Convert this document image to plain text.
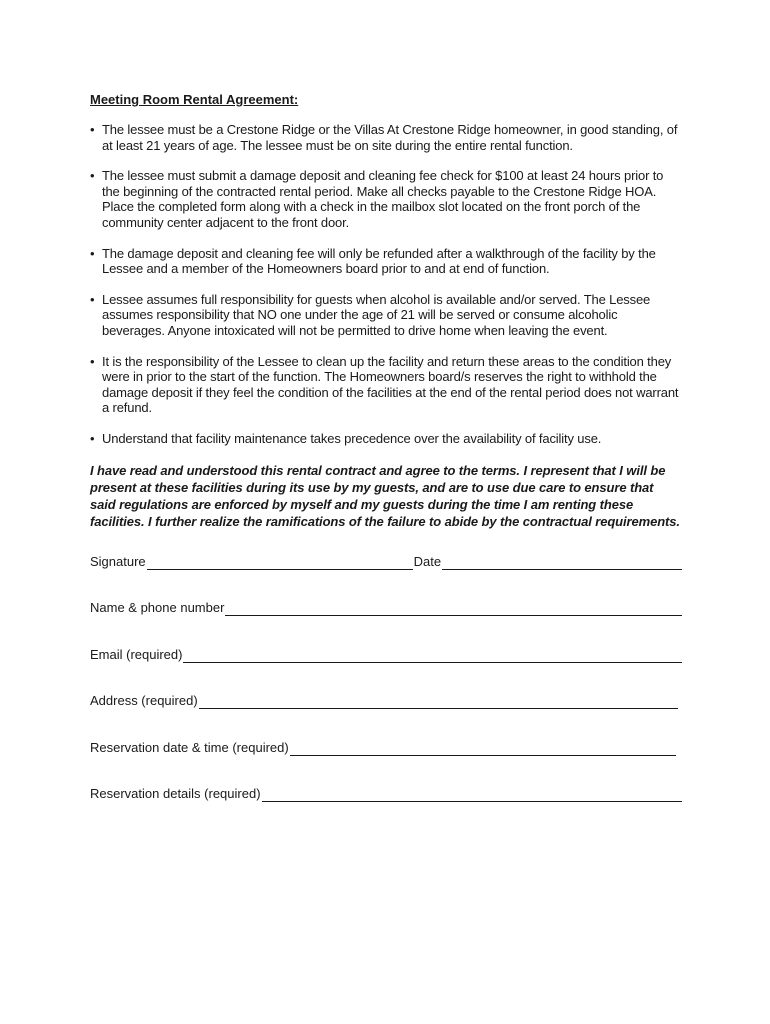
Meeting Room Rental Agreement:
• The lessee must be a Crestone Ridge or the Villas At Crestone Ridge homeowner, in good standing, of at least 21 years of age. The lessee must be on site during the entire rental function.
• The lessee must submit a damage deposit and cleaning fee check for $100 at least 24 hours prior to the beginning of the contracted rental period. Make all checks payable to the Crestone Ridge HOA. Place the completed form along with a check in the mailbox slot located on the front porch of the community center adjacent to the front door.
• The damage deposit and cleaning fee will only be refunded after a walkthrough of the facility by the Lessee and a member of the Homeowners board prior to and at end of function.
• Lessee assumes full responsibility for guests when alcohol is available and/or served. The Lessee assumes responsibility that NO one under the age of 21 will be served or consume alcoholic beverages. Anyone intoxicated will not be permitted to drive home when leaving the event.
• It is the responsibility of the Lessee to clean up the facility and return these areas to the condition they were in prior to the start of the function. The Homeowners board/s reserves the right to withhold the damage deposit if they feel the condition of the facilities at the end of the rental period does not warrant a refund.
• Understand that facility maintenance takes precedence over the availability of facility use.
I have read and understood this rental contract and agree to the terms. I represent that I will be present at these facilities during its use by my guests, and are to use due care to ensure that said regulations are enforced by myself and my guests during the time I am renting these facilities. I further realize the ramifications of the failure to abide by the contractual requirements.
Signature	Date
Name & phone number
Email (required)
Address (required)
Reservation date & time (required)
Reservation details (required)
